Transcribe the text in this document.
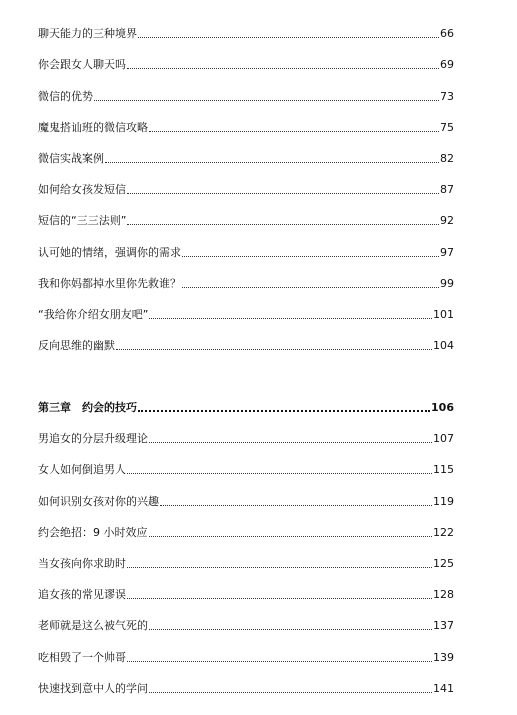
聊天能力的三种境界	66
你会跟女人聊天吗	69
微信的优势	73
魔鬼搭讪班的微信攻略	75
微信实战案例	82
如何给女孩发短信	87
短信的“三三法则”	92
认可她的情绪，强调你的需求	97
我和你妈都掉水里你先救谁？	99
“我给你介绍女朋友吧”	101
反向思维的幽默	104
第三章　约会的技巧	106
男追女的分层升级理论	107
女人如何倒追男人	115
如何识别女孩对你的兴趣	119
约会绝招：9 小时效应	122
当女孩向你求助时	125
追女孩的常见谬误	128
老师就是这么被气死的	137
吃相毁了一个帅哥	139
快速找到意中人的学问	141
